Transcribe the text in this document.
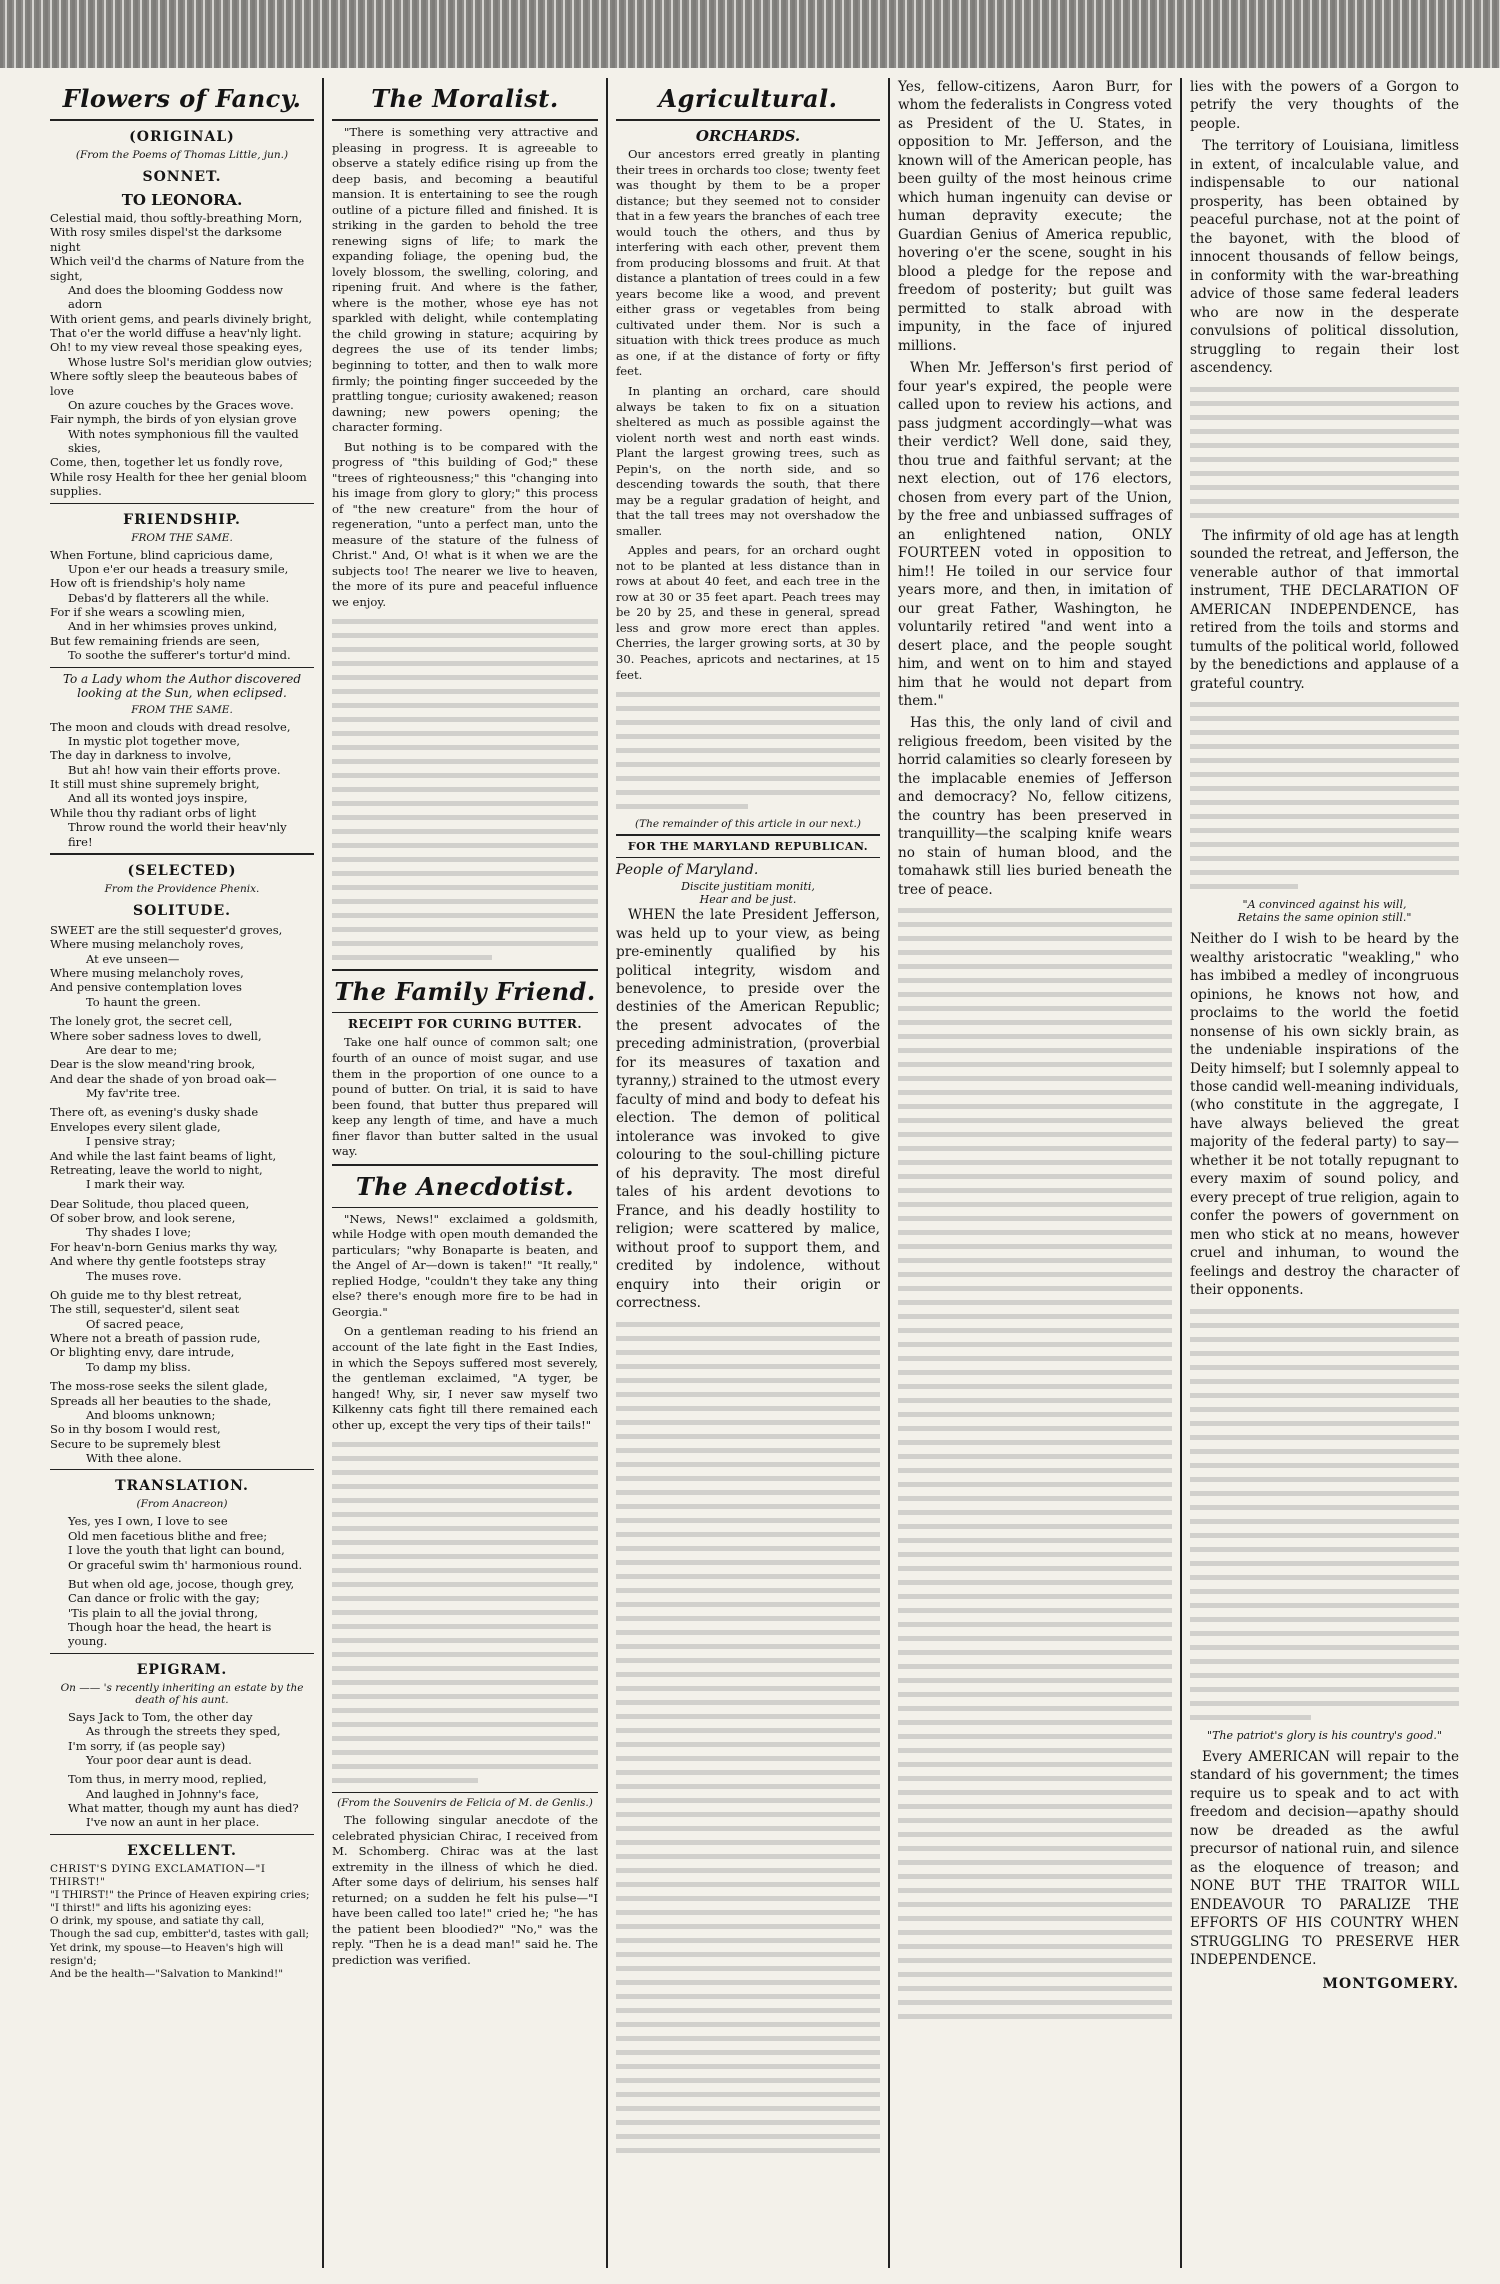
Flowers of Fancy.
(ORIGINAL)
(From the Poems of Thomas Little, jun.)
SONNET.
TO LEONORA.
Celestial maid, thou softly-breathing Morn,
With rosy smiles dispel'st the darksome night
Which veil'd the charms of Nature from the sight,
And does the blooming Goddess now adorn
With orient gems, and pearls divinely bright,
That o'er the world diffuse a heav'nly light.
Oh! to my view reveal those speaking eyes,
Whose lustre Sol's meridian glow outvies;
Where softly sleep the beauteous babes of love
On azure couches by the Graces wove.
Fair nymph, the birds of yon elysian grove
With notes symphonious fill the vaulted skies,
Come, then, together let us fondly rove,
While rosy Health for thee her genial bloom supplies.
FRIENDSHIP.
FROM THE SAME.
When Fortune, blind capricious dame,
Upon e'er our heads a treasury smile,
How oft is friendship's holy name
Debas'd by flatterers all the while.
For if she wears a scowling mien,
And in her whimsies proves unkind,
But few remaining friends are seen,
To soothe the sufferer's tortur'd mind.
To a Lady whom the Author discovered looking at the Sun, when eclipsed.
FROM THE SAME.
The moon and clouds with dread resolve,
In mystic plot together move,
The day in darkness to involve,
But ah! how vain their efforts prove.
It still must shine supremely bright,
And all its wonted joys inspire,
While thou thy radiant orbs of light
Throw round the world their heav'nly fire!
(SELECTED)
From the Providence Phenix.
SOLITUDE.
SWEET are the still sequester'd groves,
Where musing melancholy roves,
At eve unseen—
Where musing melancholy roves,
And pensive contemplation loves
To haunt the green.
The lonely grot, the secret cell,
Where sober sadness loves to dwell,
Are dear to me;
Dear is the slow meand'ring brook,
And dear the shade of yon broad oak—
My fav'rite tree.
There oft, as evening's dusky shade
Envelopes every silent glade,
I pensive stray;
And while the last faint beams of light,
Retreating, leave the world to night,
I mark their way.
Dear Solitude, thou placed queen,
Of sober brow, and look serene,
Thy shades I love;
For heav'n-born Genius marks thy way,
And where thy gentle footsteps stray
The muses rove.
Oh guide me to thy blest retreat,
The still, sequester'd, silent seat
Of sacred peace,
Where not a breath of passion rude,
Or blighting envy, dare intrude,
To damp my bliss.
The moss-rose seeks the silent glade,
Spreads all her beauties to the shade,
And blooms unknown;
So in thy bosom I would rest,
Secure to be supremely blest
With thee alone.
TRANSLATION.
(From Anacreon)
Yes, yes I own, I love to see
Old men facetious blithe and free;
I love the youth that light can bound,
Or graceful swim th' harmonious round.
But when old age, jocose, though grey,
Can dance or frolic with the gay;
'Tis plain to all the jovial throng,
Though hoar the head, the heart is young.
EPIGRAM.
On —— 's recently inheriting an estate by the death of his aunt.
Says Jack to Tom, the other day
As through the streets they sped,
I'm sorry, if (as people say)
Your poor dear aunt is dead.
Tom thus, in merry mood, replied,
And laughed in Johnny's face,
What matter, though my aunt has died?
I've now an aunt in her place.
EXCELLENT.
CHRIST'S DYING EXCLAMATION—"I THIRST!"
"I THIRST!" the Prince of Heaven expiring cries;
"I thirst!" and lifts his agonizing eyes:
O drink, my spouse, and satiate thy call,
Though the sad cup, embitter'd, tastes with gall;
Yet drink, my spouse—to Heaven's high will resign'd;
And be the health—"Salvation to Mankind!"
The Moralist.

"There is something very attractive and pleasing in progress. It is agreeable to observe a stately edifice rising up from the deep basis, and becoming a beautiful mansion. It is entertaining to see the rough outline of a picture filled and finished. It is striking in the garden to behold the tree renewing signs of life; to mark the expanding foliage, the opening bud, the lovely blossom, the swelling, coloring, and ripening fruit. And where is the father, where is the mother, whose eye has not sparkled with delight, while contemplating the child growing in stature; acquiring by degrees the use of its tender limbs; beginning to totter, and then to walk more firmly; the pointing finger succeeded by the prattling tongue; curiosity awakened; reason dawning; new powers opening; the character forming.

But nothing is to be compared with the progress of "this building of God;" these "trees of righteousness;" this "changing into his image from glory to glory;" this process of "the new creature" from the hour of regeneration, "unto a perfect man, unto the measure of the stature of the fulness of Christ." And, O! what is it when we are the subjects too! The nearer we live to heaven, the more of its pure and peaceful influence we enjoy.

The Family Friend.
RECEIPT FOR CURING BUTTER.

Take one half ounce of common salt; one fourth of an ounce of moist sugar, and use them in the proportion of one ounce to a pound of butter. On trial, it is said to have been found, that butter thus prepared will keep any length of time, and have a much finer flavor than butter salted in the usual way.

The Anecdotist.

"News, News!" exclaimed a goldsmith, while Hodge with open mouth demanded the particulars; "why Bonaparte is beaten, and the Angel of Ar—down is taken!" "It really," replied Hodge, "couldn't they take any thing else? there's enough more fire to be had in Georgia."

On a gentleman reading to his friend an account of the late fight in the East Indies, in which the Sepoys suffered most severely, the gentleman exclaimed, "A tyger, be hanged! Why, sir, I never saw myself two Kilkenny cats fight till there remained each other up, except the very tips of their tails!"

(From the Souvenirs de Felicia of M. de Genlis.)

The following singular anecdote of the celebrated physician Chirac, I received from M. Schomberg. Chirac was at the last extremity in the illness of which he died. After some days of delirium, his senses half returned; on a sudden he felt his pulse—"I have been called too late!" cried he; "he has the patient been bloodied?" "No," was the reply. "Then he is a dead man!" said he. The prediction was verified.

Agricultural.
ORCHARDS.

Our ancestors erred greatly in planting their trees in orchards too close; twenty feet was thought by them to be a proper distance; but they seemed not to consider that in a few years the branches of each tree would touch the others, and thus by interfering with each other, prevent them from producing blossoms and fruit. At that distance a plantation of trees could in a few years become like a wood, and prevent either grass or vegetables from being cultivated under them. Nor is such a situation with thick trees produce as much as one, if at the distance of forty or fifty feet.

In planting an orchard, care should always be taken to fix on a situation sheltered as much as possible against the violent north west and north east winds. Plant the largest growing trees, such as Pepin's, on the north side, and so descending towards the south, that there may be a regular gradation of height, and that the tall trees may not overshadow the smaller.

Apples and pears, for an orchard ought not to be planted at less distance than in rows at about 40 feet, and each tree in the row at 30 or 35 feet apart. Peach trees may be 20 by 25, and these in general, spread less and grow more erect than apples. Cherries, the larger growing sorts, at 30 by 30. Peaches, apricots and nectarines, at 15 feet.

(The remainder of this article in our next.)
FOR THE MARYLAND REPUBLICAN.
People of Maryland.
Discite justitiam moniti,
Hear and be just.

WHEN the late President Jefferson, was held up to your view, as being pre-eminently qualified by his political integrity, wisdom and benevolence, to preside over the destinies of the American Republic; the present advocates of the preceding administration, (proverbial for its measures of taxation and tyranny,) strained to the utmost every faculty of mind and body to defeat his election. The demon of political intolerance was invoked to give colouring to the soul-chilling picture of his depravity. The most direful tales of his ardent devotions to France, and his deadly hostility to religion; were scattered by malice, without proof to support them, and credited by indolence, without enquiry into their origin or correctness.

Yes, fellow-citizens, Aaron Burr, for whom the federalists in Congress voted as President of the U. States, in opposition to Mr. Jefferson, and the known will of the American people, has been guilty of the most heinous crime which human ingenuity can devise or human depravity execute; the Guardian Genius of America republic, hovering o'er the scene, sought in his blood a pledge for the repose and freedom of posterity; but guilt was permitted to stalk abroad with impunity, in the face of injured millions.

When Mr. Jefferson's first period of four year's expired, the people were called upon to review his actions, and pass judgment accordingly—what was their verdict? Well done, said they, thou true and faithful servant; at the next election, out of 176 electors, chosen from every part of the Union, by the free and unbiassed suffrages of an enlightened nation, ONLY FOURTEEN voted in opposition to him!! He toiled in our service four years more, and then, in imitation of our great Father, Washington, he voluntarily retired "and went into a desert place, and the people sought him, and went on to him and stayed him that he would not depart from them."

Has this, the only land of civil and religious freedom, been visited by the horrid calamities so clearly foreseen by the implacable enemies of Jefferson and democracy? No, fellow citizens, the country has been preserved in tranquillity—the scalping knife wears no stain of human blood, and the tomahawk still lies buried beneath the tree of peace.

lies with the powers of a Gorgon to petrify the very thoughts of the people.

The territory of Louisiana, limitless in extent, of incalculable value, and indispensable to our national prosperity, has been obtained by peaceful purchase, not at the point of the bayonet, with the blood of innocent thousands of fellow beings, in conformity with the war-breathing advice of those same federal leaders who are now in the desperate convulsions of political dissolution, struggling to regain their lost ascendency.

The infirmity of old age has at length sounded the retreat, and Jefferson, the venerable author of that immortal instrument, THE DECLARATION OF AMERICAN INDEPENDENCE, has retired from the toils and storms and tumults of the political world, followed by the benedictions and applause of a grateful country.

"A convinced against his will,
Retains the same opinion still."

Neither do I wish to be heard by the wealthy aristocratic "weakling," who has imbibed a medley of incongruous opinions, he knows not how, and proclaims to the world the foetid nonsense of his own sickly brain, as the undeniable inspirations of the Deity himself; but I solemnly appeal to those candid well-meaning individuals, (who constitute in the aggregate, I have always believed the great majority of the federal party) to say—whether it be not totally repugnant to every maxim of sound policy, and every precept of true religion, again to confer the powers of government on men who stick at no means, however cruel and inhuman, to wound the feelings and destroy the character of their opponents.

"The patriot's glory is his country's good."

Every AMERICAN will repair to the standard of his government; the times require us to speak and to act with freedom and decision—apathy should now be dreaded as the awful precursor of national ruin, and silence as the eloquence of treason; and NONE BUT THE TRAITOR WILL ENDEAVOUR TO PARALIZE THE EFFORTS OF HIS COUNTRY WHEN STRUGGLING TO PRESERVE HER INDEPENDENCE.

MONTGOMERY.
